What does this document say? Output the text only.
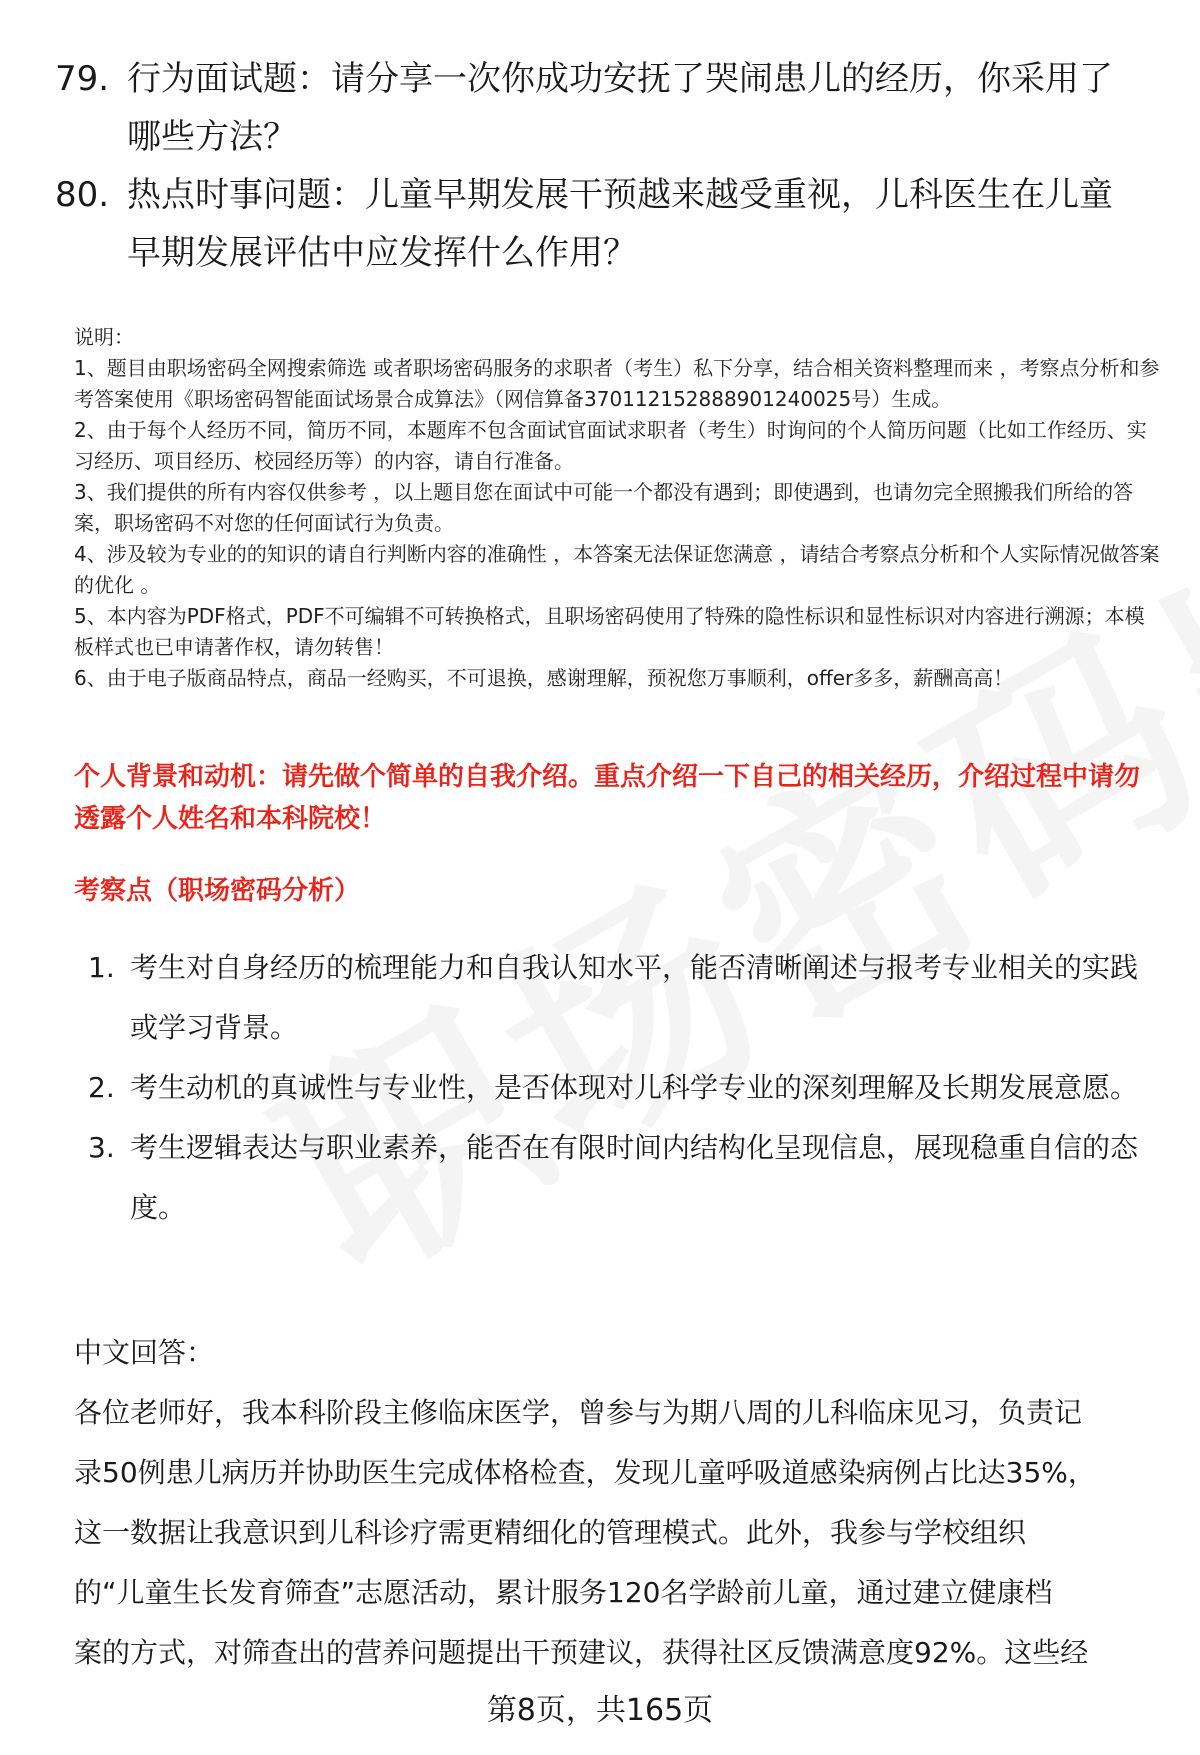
79. 行为面试题：请分享一次你成功安抚了哭闹患儿的经历，你采用了哪些方法？
80. 热点时事问题：儿童早期发展干预越来越受重视，儿科医生在儿童早期发展评估中应发挥什么作用？

说明：

1、题目由职场密码全网搜索筛选 或者职场密码服务的求职者（考生）私下分享，结合相关资料整理而来 ，考察点分析和参考答案使用《职场密码智能面试场景合成算法》（网信算备370112152888901240025号）生成。

2、由于每个人经历不同，简历不同，本题库不包含面试官面试求职者（考生）时询问的个人简历问题（比如工作经历、实习经历、项目经历、校园经历等）的内容，请自行准备。

3、我们提供的所有内容仅供参考 ，以上题目您在面试中可能一个都没有遇到；即使遇到，也请勿完全照搬我们所给的答案，职场密码不对您的任何面试行为负责。

4、涉及较为专业的的知识的请自行判断内容的准确性 ，本答案无法保证您满意 ，请结合考察点分析和个人实际情况做答案的优化 。

5、本内容为PDF格式，PDF不可编辑不可转换格式，且职场密码使用了特殊的隐性标识和显性标识对内容进行溯源；本模板样式也已申请著作权，请勿转售！

6、由于电子版商品特点，商品一经购买，不可退换，感谢理解，预祝您万事顺利，offer多多，薪酬高高！

个人背景和动机：请先做个简单的自我介绍。重点介绍一下自己的相关经历，介绍过程中请勿透露个人姓名和本科院校！
考察点（职场密码分析）

1. 考生对自身经历的梳理能力和自我认知水平，能否清晰阐述与报考专业相关的实践或学习背景。

2. 考生动机的真诚性与专业性，是否体现对儿科学专业的深刻理解及长期发展意愿。

3. 考生逻辑表达与职业素养，能否在有限时间内结构化呈现信息，展现稳重自信的态度。

中文回答：
各位老师好，我本科阶段主修临床医学，曾参与为期八周的儿科临床见习，负责记
录50例患儿病历并协助医生完成体格检查，发现儿童呼吸道感染病例占比达35%，
这一数据让我意识到儿科诊疗需更精细化的管理模式。此外，我参与学校组织
的“儿童生长发育筛查”志愿活动，累计服务120名学龄前儿童，通过建立健康档
案的方式，对筛查出的营养问题提出干预建议，获得社区反馈满意度92%。这些经
第8页，共165页
